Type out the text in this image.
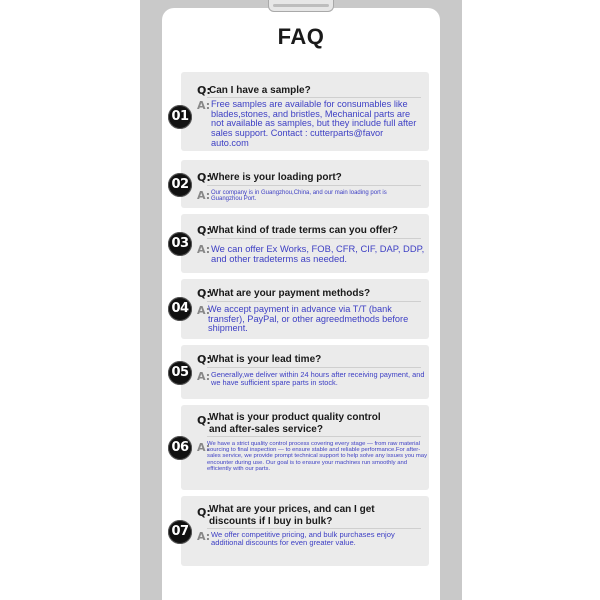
FAQ
Q:
Can I have a sample?
01
A: Free samples are available for consumables like blades,stones, and bristles, Mechanical parts are not available as samples, but they include full after sales support. Contact : cutterparts@favor auto.com
Q:
Where is your loading port?
02
A: Our company is in Guangzhou,China, and our main loading port is Guangzhou Port.
Q:
What kind of trade terms can you offer?
03 A: We can offer Ex Works, FOB, CFR, CIF, DAP, DDP, and other tradeterms as needed.
Q:
What are your payment methods?
04 A:
We accept payment in advance via T/T (bank transfer), PayPal, or other agreedmethods before shipment.
Q:
What is your lead time?
05 A: Generally,we deliver within 24 hours after receiving payment, and we have sufficient spare parts in stock.
Q:
What is your product quality control and after-sales service?
06 A:
We have a strict quality control process covering every stage — from raw material sourcing to final inspection — to ensure stable and reliable performance.For after-sales service, we provide prompt technical support to help solve any issues you may encounter during use. Our goal is to ensure your machines run smoothly and efficiently with our parts.
Q:
What are your prices, and can I get discounts if I buy in bulk?
07 A: We offer competitive pricing, and bulk purchases enjoy additional discounts for even greater value.
